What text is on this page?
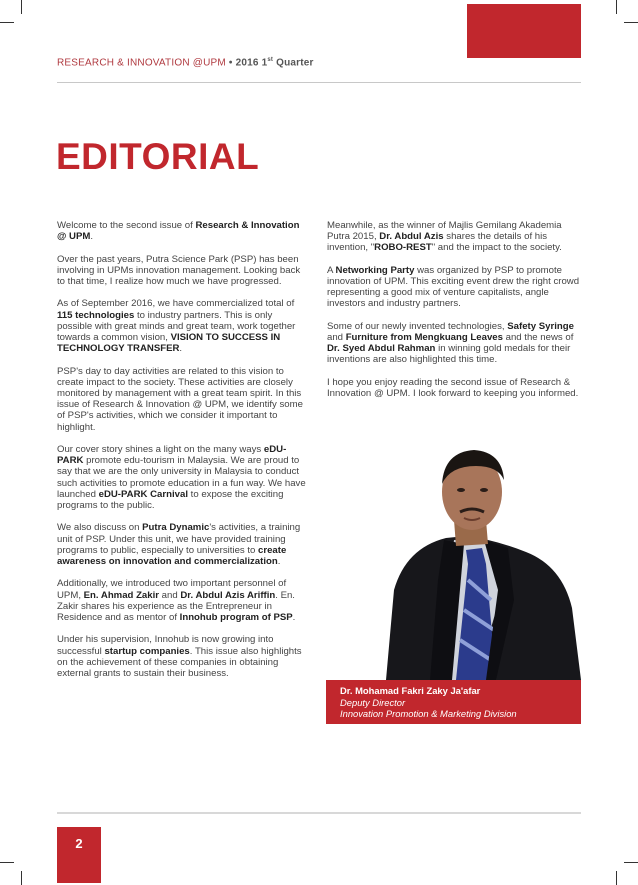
RESEARCH & INNOVATION @UPM • 2016 1st Quarter
EDITORIAL

Welcome to the second issue of Research & Innovation @ UPM.

Over the past years, Putra Science Park (PSP) has been involving in UPMs innovation management. Looking back to that time, I realize how much we have progressed.

As of September 2016, we have commercialized total of 115 technologies to industry partners. This is only possible with great minds and great team, work together towards a common vision, VISION TO SUCCESS IN TECHNOLOGY TRANSFER.

PSP's day to day activities are related to this vision to create impact to the society. These activities are closely monitored by management with a great team spirit. In this issue of Research & Innovation @ UPM, we identify some of PSP's activities, which we consider it important to highlight.

Our cover story shines a light on the many ways eDU-PARK promote edu-tourism in Malaysia. We are proud to say that we are the only university in Malaysia to conduct such activities to promote education in a fun way. We have launched eDU-PARK Carnival to expose the exciting programs to the public.

We also discuss on Putra Dynamic's activities, a training unit of PSP. Under this unit, we have provided training programs to public, especially to universities to create awareness on innovation and commercialization.

Additionally, we introduced two important personnel of UPM, En. Ahmad Zakir and Dr. Abdul Azis Ariffin. En. Zakir shares his experience as the Entrepreneur in Residence and as mentor of Innohub program of PSP.

Under his supervision, Innohub is now growing into successful startup companies. This issue also highlights on the achievement of these companies in obtaining external grants to sustain their business.

Meanwhile, as the winner of Majlis Gemilang Akademia Putra 2015, Dr. Abdul Azis shares the details of his invention, "ROBO-REST" and the impact to the society.

A Networking Party was organized by PSP to promote innovation of UPM. This exciting event drew the right crowd representing a good mix of venture capitalists, angle investors and industry partners.

Some of our newly invented technologies, Safety Syringe and Furniture from Mengkuang Leaves and the news of Dr. Syed Abdul Rahman in winning gold medals for their inventions are also highlighted this time.

I hope you enjoy reading the second issue of Research & Innovation @ UPM. I look forward to keeping you informed.

Dr. Mohamad Fakri Zaky Ja'afar
Deputy Director
Innovation Promotion & Marketing Division
2
